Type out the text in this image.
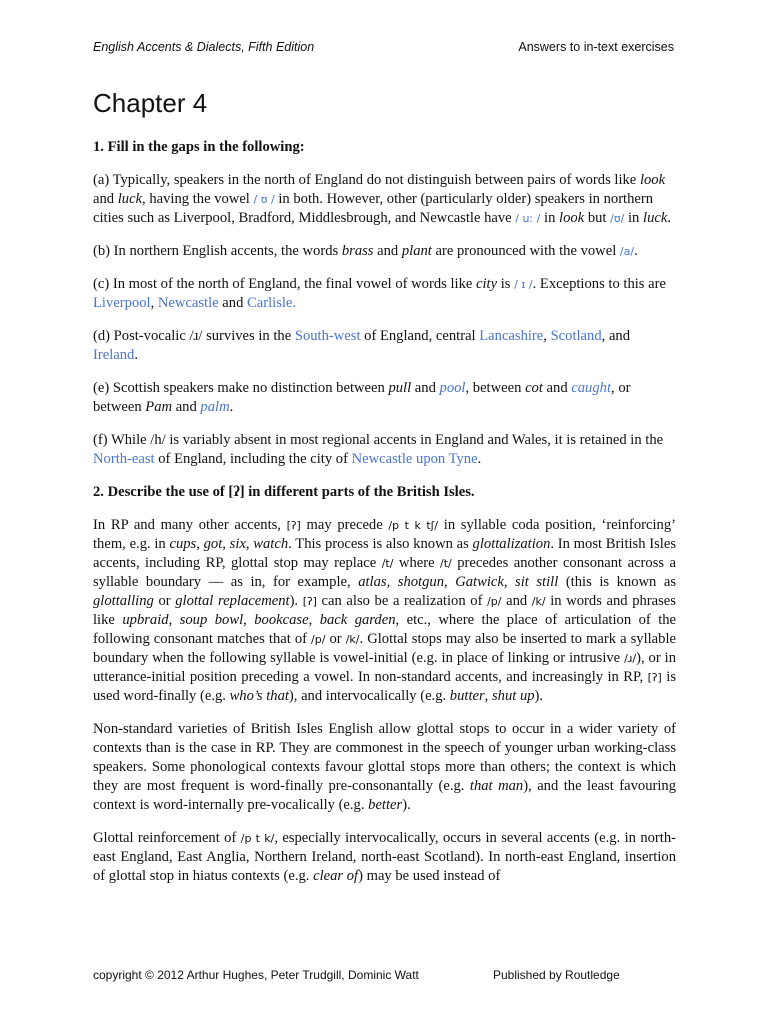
English Accents & Dialects, Fifth Edition	Answers to in-text exercises
Chapter 4

1. Fill in the gaps in the following:

(a) Typically, speakers in the north of England do not distinguish between pairs of words like look and luck, having the vowel / ʊ / in both. However, other (particularly older) speakers in northern cities such as Liverpool, Bradford, Middlesbrough, and Newcastle have / uː / in look but /ʊ/ in luck.

(b) In northern English accents, the words brass and plant are pronounced with the vowel /a/.

(c) In most of the north of England, the final vowel of words like city is / ɪ /. Exceptions to this are Liverpool, Newcastle and Carlisle.

(d) Post-vocalic /ɹ/ survives in the South-west of England, central Lancashire, Scotland, and Ireland.

(e) Scottish speakers make no distinction between pull and pool, between cot and caught, or between Pam and palm.

(f) While /h/ is variably absent in most regional accents in England and Wales, it is retained in the North-east of England, including the city of Newcastle upon Tyne.

2. Describe the use of [ʔ] in different parts of the British Isles.

In RP and many other accents, [ʔ] may precede /p t k tʃ/ in syllable coda position, ‘reinforcing’ them, e.g. in cups, got, six, watch. This process is also known as glottalization. In most British Isles accents, including RP, glottal stop may replace /t/ where /t/ precedes another consonant across a syllable boundary — as in, for example, atlas, shotgun, Gatwick, sit still (this is known as glottalling or glottal replacement). [ʔ] can also be a realization of /p/ and /k/ in words and phrases like upbraid, soup bowl, bookcase, back garden, etc., where the place of articulation of the following consonant matches that of /p/ or /k/. Glottal stops may also be inserted to mark a syllable boundary when the following syllable is vowel-initial (e.g. in place of linking or intrusive /ɹ/), or in utterance-initial position preceding a vowel. In non-standard accents, and increasingly in RP, [ʔ] is used word-finally (e.g. who’s that), and intervocalically (e.g. butter, shut up).

Non-standard varieties of British Isles English allow glottal stops to occur in a wider variety of contexts than is the case in RP. They are commonest in the speech of younger urban working-class speakers. Some phonological contexts favour glottal stops more than others; the context is which they are most frequent is word-finally pre-consonantally (e.g. that man), and the least favouring context is word-internally pre-vocalically (e.g. better).

Glottal reinforcement of /p t k/, especially intervocalically, occurs in several accents (e.g. in north-east England, East Anglia, Northern Ireland, north-east Scotland). In north-east England, insertion of glottal stop in hiatus contexts (e.g. clear of) may be used instead of

copyright © 2012 Arthur Hughes, Peter Trudgill, Dominic Watt	Published by Routledge
